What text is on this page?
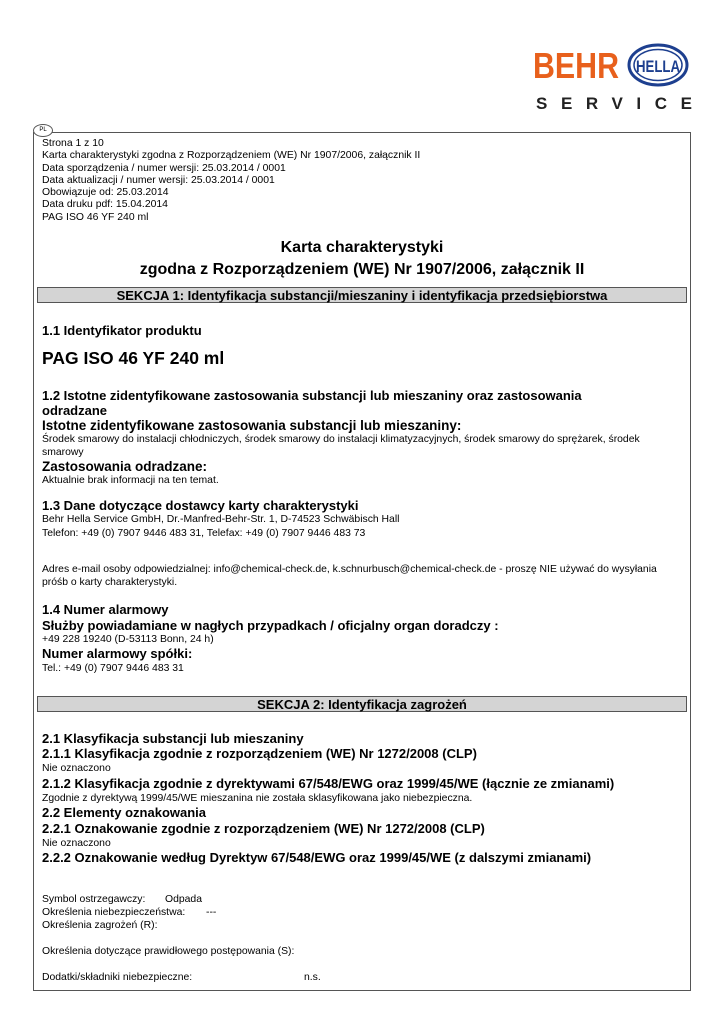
BEHR HELLA
SERVICE
PL
Strona 1 z 10
Karta charakterystyki zgodna z Rozporządzeniem (WE) Nr 1907/2006, załącznik II
Data sporządzenia / numer wersji: 25.03.2014 / 0001
Data aktualizacji / numer wersji: 25.03.2014 / 0001
Obowiązuje od: 25.03.2014
Data druku pdf: 15.04.2014
PAG ISO 46 YF 240 ml
Karta charakterystyki
zgodna z Rozporządzeniem (WE) Nr 1907/2006, załącznik II
SEKCJA 1: Identyfikacja substancji/mieszaniny i identyfikacja przedsiębiorstwa
1.1 Identyfikator produktu
PAG ISO 46 YF 240 ml
1.2 Istotne zidentyfikowane zastosowania substancji lub mieszaniny oraz zastosowania
odradzane
Istotne zidentyfikowane zastosowania substancji lub mieszaniny:
Środek smarowy do instalacji chłodniczych, środek smarowy do instalacji klimatyzacyjnych, środek smarowy do sprężarek, środek smarowy
Zastosowania odradzane:
Aktualnie brak informacji na ten temat.
1.3 Dane dotyczące dostawcy karty charakterystyki
Behr Hella Service GmbH, Dr.-Manfred-Behr-Str. 1, D-74523 Schwäbisch Hall
Telefon: +49 (0) 7907 9446 483 31, Telefax: +49 (0) 7907 9446 483 73
Adres e-mail osoby odpowiedzialnej: info@chemical-check.de, k.schnurbusch@chemical-check.de - proszę NIE używać do wysyłania próśb o karty charakterystyki.
1.4 Numer alarmowy
Służby powiadamiane w nagłych przypadkach / oficjalny organ doradczy :
+49 228 19240 (D-53113 Bonn, 24 h)
Numer alarmowy spółki:
Tel.: +49 (0) 7907 9446 483 31
SEKCJA 2: Identyfikacja zagrożeń
2.1 Klasyfikacja substancji lub mieszaniny
2.1.1 Klasyfikacja zgodnie z rozporządzeniem (WE) Nr 1272/2008 (CLP)
Nie oznaczono
2.1.2 Klasyfikacja zgodnie z dyrektywami 67/548/EWG oraz 1999/45/WE (łącznie ze zmianami)
Zgodnie z dyrektywą 1999/45/WE mieszanina nie została sklasyfikowana jako niebezpieczna.
2.2 Elementy oznakowania
2.2.1 Oznakowanie zgodnie z rozporządzeniem (WE) Nr 1272/2008 (CLP)
Nie oznaczono
2.2.2 Oznakowanie według Dyrektyw 67/548/EWG oraz 1999/45/WE (z dalszymi zmianami)
Symbol ostrzegawczy: Odpada
Określenia niebezpieczeństwa: ---
Określenia zagrożeń (R):
Określenia dotyczące prawidłowego postępowania (S):
Dodatki/składniki niebezpieczne:	n.s.
